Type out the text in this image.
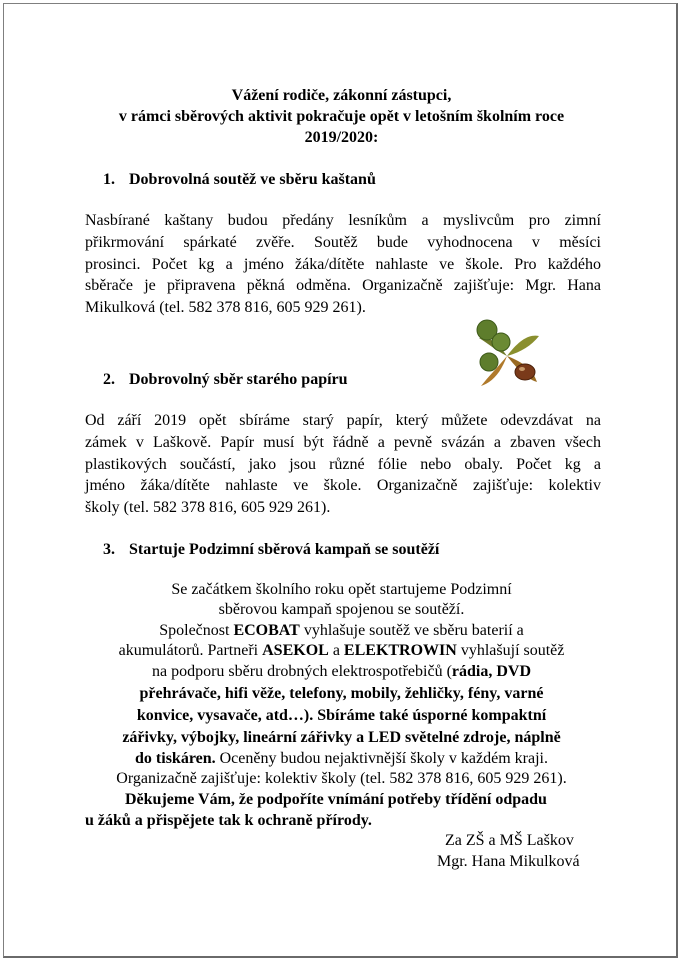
Vážení rodiče, zákonní zástupci,
v rámci sběrových aktivit pokračuje opět v letošním školním roce
2019/2020:
1. Dobrovolná soutěž ve sběru kaštanů
Nasbírané kaštany budou předány lesníkům a myslivcům pro zimní
přikrmování spárkaté zvěře. Soutěž bude vyhodnocena v měsíci
prosinci. Počet kg a jméno žáka/dítěte nahlaste ve škole. Pro každého
sběrače je připravena pěkná odměna. Organizačně zajišťuje: Mgr. Hana
Mikulková (tel. 582 378 816, 605 929 261).
2. Dobrovolný sběr starého papíru
Od září 2019 opět sbíráme starý papír, který můžete odevzdávat na
zámek v Laškově. Papír musí být řádně a pevně svázán a zbaven všech
plastikových součástí, jako jsou různé fólie nebo obaly. Počet kg a
jméno žáka/dítěte nahlaste ve škole. Organizačně zajišťuje: kolektiv
školy (tel. 582 378 816, 605 929 261).
3. Startuje Podzimní sběrová kampaň se soutěží
Se začátkem školního roku opět startujeme Podzimní
sběrovou kampaň spojenou se soutěží.
Společnost ECOBAT vyhlašuje soutěž ve sběru baterií a
akumulátorů. Partneři ASEKOL a ELEKTROWIN vyhlašují soutěž
na podporu sběru drobných elektrospotřebičů (rádia, DVD
přehrávače, hifi věže, telefony, mobily, žehličky, fény, varné
konvice, vysavače, atd…). Sbíráme také úsporné kompaktní
zářivky, výbojky, lineární zářivky a LED světelné zdroje, náplně
do tiskáren. Oceněny budou nejaktivnější školy v každém kraji.
Organizačně zajišťuje: kolektiv školy (tel. 582 378 816, 605 929 261).
Děkujeme Vám, že podpoříte vnímání potřeby třídění odpadu
u žáků a přispějete tak k ochraně přírody.
Za ZŠ a MŠ Laškov
Mgr. Hana Mikulková
